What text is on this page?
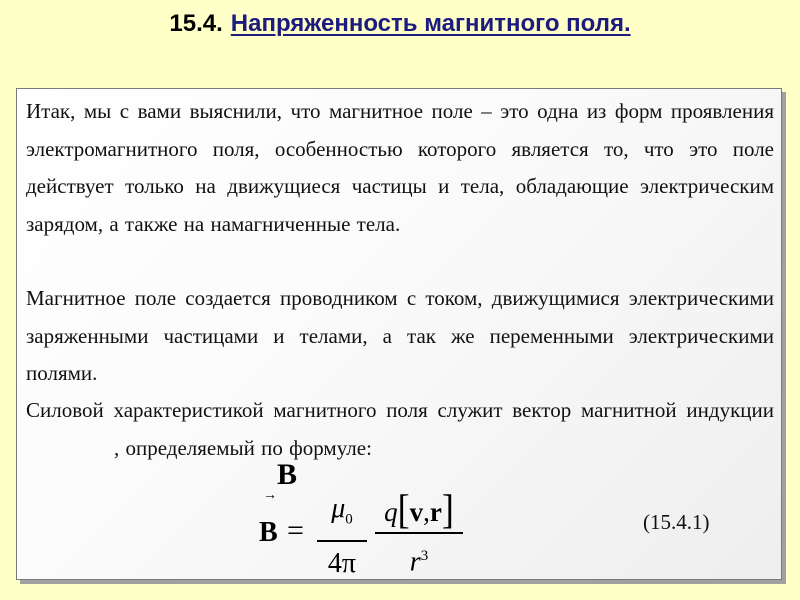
15.4. Напряженность магнитного поля.

Итак, мы с вами выяснили, что магнитное поле – это одна из форм проявления электромагнитного поля, особенностью которого является то, что это поле действует только на движущиеся частицы и тела, обладающие электрическим зарядом, а также на намагниченные тела.

Магнитное поле создается проводником с током, движущимися электрическими заряженными частицами и телами, а так же переменными электрическими полями.

Силовой характеристикой магнитного поля служит вектор магнитной индукции, определяемый по формуле:

B
→
B =
$\mu_0$
4π
q[v,r]
$r^3$
(15.4.1)
